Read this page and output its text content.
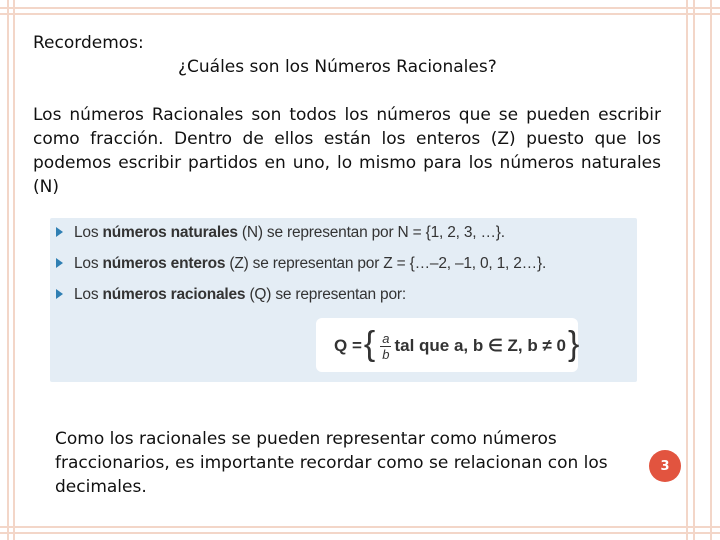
Recordemos:
¿Cuáles son los Números Racionales?
Los números Racionales son todos los números que se pueden escribir como fracción. Dentro de ellos están los enteros (Z) puesto que los podemos escribir partidos en uno, lo mismo para los números naturales (N)
Los números naturales (N) se representan por N = {1, 2, 3, …}.
Los números enteros (Z) se representan por Z = {…–2, –1, 0, 1, 2…}.
Los números racionales (Q) se representan por:
Q = { $\frac{a}{b}$ tal que a, b ∈ Z, b ≠ 0 }
Como los racionales se pueden representar como números fraccionarios, es importante recordar como se relacionan con los decimales.
3
